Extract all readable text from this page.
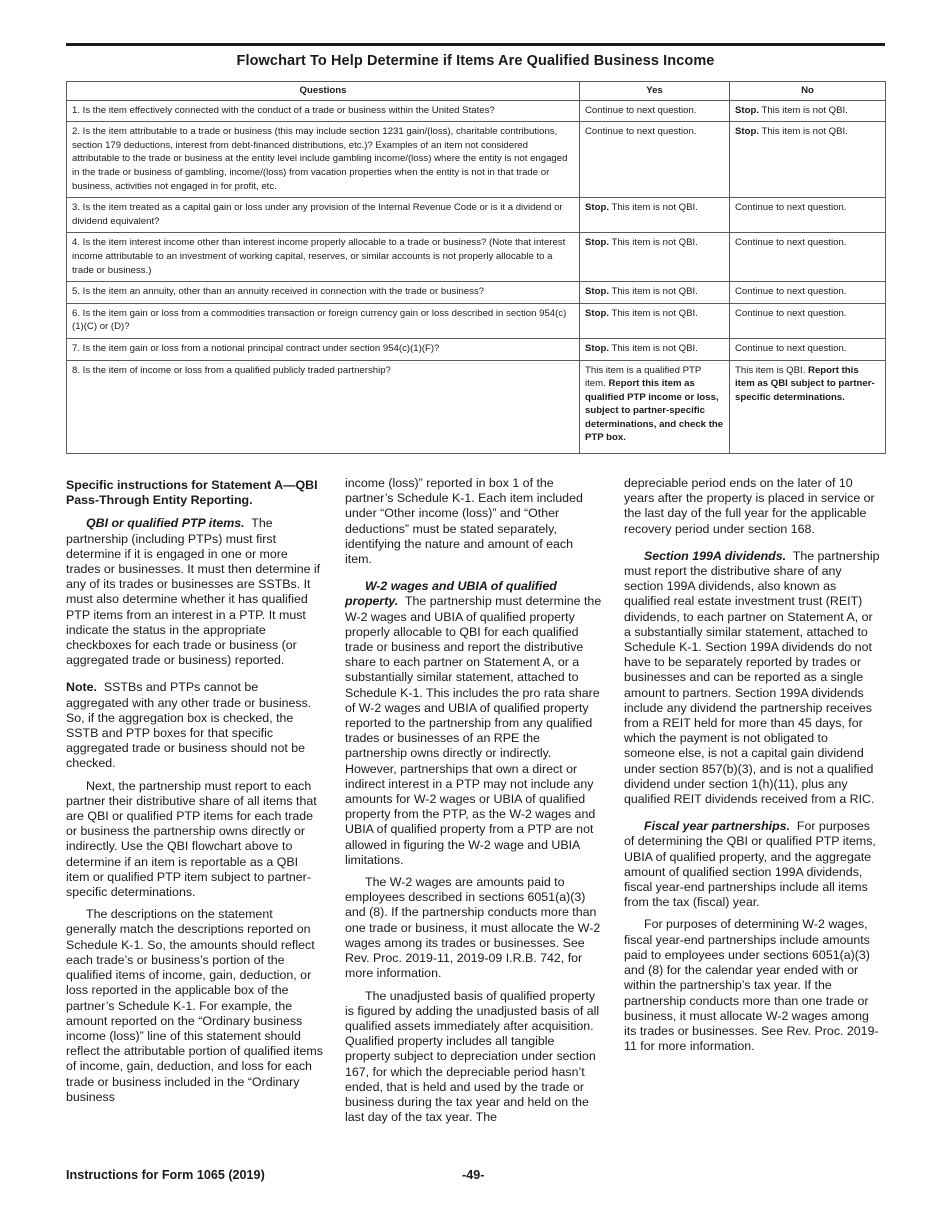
Flowchart To Help Determine if Items Are Qualified Business Income
Questions	Yes	No
1. Is the item effectively connected with the conduct of a trade or business within the United States?	Continue to next question.	Stop. This item is not QBI.
2. Is the item attributable to a trade or business (this may include section 1231 gain/(loss), charitable contributions, section 179 deductions, interest from debt-financed distributions, etc.)? Examples of an item not considered attributable to the trade or business at the entity level include gambling income/(loss) where the entity is not engaged in the trade or business of gambling, income/(loss) from vacation properties when the entity is not in that trade or business, activities not engaged in for profit, etc.	Continue to next question.	Stop. This item is not QBI.
3. Is the item treated as a capital gain or loss under any provision of the Internal Revenue Code or is it a dividend or dividend equivalent?	Stop. This item is not QBI.	Continue to next question.
4. Is the item interest income other than interest income properly allocable to a trade or business? (Note that interest income attributable to an investment of working capital, reserves, or similar accounts is not properly allocable to a trade or business.)	Stop. This item is not QBI.	Continue to next question.
5. Is the item an annuity, other than an annuity received in connection with the trade or business?	Stop. This item is not QBI.	Continue to next question.
6. Is the item gain or loss from a commodities transaction or foreign currency gain or loss described in section 954(c)(1)(C) or (D)?	Stop. This item is not QBI.	Continue to next question.
7. Is the item gain or loss from a notional principal contract under section 954(c)(1)(F)?	Stop. This item is not QBI.	Continue to next question.
8. Is the item of income or loss from a qualified publicly traded partnership?	This item is a qualified PTP item. Report this item as qualified PTP income or loss, subject to partner-specific determinations, and check the PTP box.	This item is QBI. Report this item as QBI subject to partner-specific determinations.
Specific instructions for Statement A—QBI Pass-Through Entity Reporting.

QBI or qualified PTP items. The partnership (including PTPs) must first determine if it is engaged in one or more trades or businesses. It must then determine if any of its trades or businesses are SSTBs. It must also determine whether it has qualified PTP items from an interest in a PTP. It must indicate the status in the appropriate checkboxes for each trade or business (or aggregated trade or business) reported.

Note. SSTBs and PTPs cannot be aggregated with any other trade or business. So, if the aggregation box is checked, the SSTB and PTP boxes for that specific aggregated trade or business should not be checked.

Next, the partnership must report to each partner their distributive share of all items that are QBI or qualified PTP items for each trade or business the partnership owns directly or indirectly. Use the QBI flowchart above to determine if an item is reportable as a QBI item or qualified PTP item subject to partner-specific determinations.

The descriptions on the statement generally match the descriptions reported on Schedule K-1. So, the amounts should reflect each trade’s or business’s portion of the qualified items of income, gain, deduction, or loss reported in the applicable box of the partner’s Schedule K-1. For example, the amount reported on the “Ordinary business income (loss)” line of this statement should reflect the attributable portion of qualified items of income, gain, deduction, and loss for each trade or business included in the “Ordinary business

income (loss)” reported in box 1 of the partner’s Schedule K-1. Each item included under “Other income (loss)” and “Other deductions” must be stated separately, identifying the nature and amount of each item.

W-2 wages and UBIA of qualified property. The partnership must determine the W-2 wages and UBIA of qualified property properly allocable to QBI for each qualified trade or business and report the distributive share to each partner on Statement A, or a substantially similar statement, attached to Schedule K-1. This includes the pro rata share of W-2 wages and UBIA of qualified property reported to the partnership from any qualified trades or businesses of an RPE the partnership owns directly or indirectly. However, partnerships that own a direct or indirect interest in a PTP may not include any amounts for W-2 wages or UBIA of qualified property from the PTP, as the W-2 wages and UBIA of qualified property from a PTP are not allowed in figuring the W-2 wage and UBIA limitations.

The W-2 wages are amounts paid to employees described in sections 6051(a)(3) and (8). If the partnership conducts more than one trade or business, it must allocate the W-2 wages among its trades or businesses. See Rev. Proc. 2019-11, 2019-09 I.R.B. 742, for more information.

The unadjusted basis of qualified property is figured by adding the unadjusted basis of all qualified assets immediately after acquisition. Qualified property includes all tangible property subject to depreciation under section 167, for which the depreciable period hasn’t ended, that is held and used by the trade or business during the tax year and held on the last day of the tax year. The

depreciable period ends on the later of 10 years after the property is placed in service or the last day of the full year for the applicable recovery period under section 168.

Section 199A dividends. The partnership must report the distributive share of any section 199A dividends, also known as qualified real estate investment trust (REIT) dividends, to each partner on Statement A, or a substantially similar statement, attached to Schedule K-1. Section 199A dividends do not have to be separately reported by trades or businesses and can be reported as a single amount to partners. Section 199A dividends include any dividend the partnership receives from a REIT held for more than 45 days, for which the payment is not obligated to someone else, is not a capital gain dividend under section 857(b)(3), and is not a qualified dividend under section 1(h)(11), plus any qualified REIT dividends received from a RIC.

Fiscal year partnerships. For purposes of determining the QBI or qualified PTP items, UBIA of qualified property, and the aggregate amount of qualified section 199A dividends, fiscal year-end partnerships include all items from the tax (fiscal) year.

For purposes of determining W-2 wages, fiscal year-end partnerships include amounts paid to employees under sections 6051(a)(3) and (8) for the calendar year ended with or within the partnership’s tax year. If the partnership conducts more than one trade or business, it must allocate W-2 wages among its trades or businesses. See Rev. Proc. 2019-11 for more information.

Instructions for Form 1065 (2019)	-49-
